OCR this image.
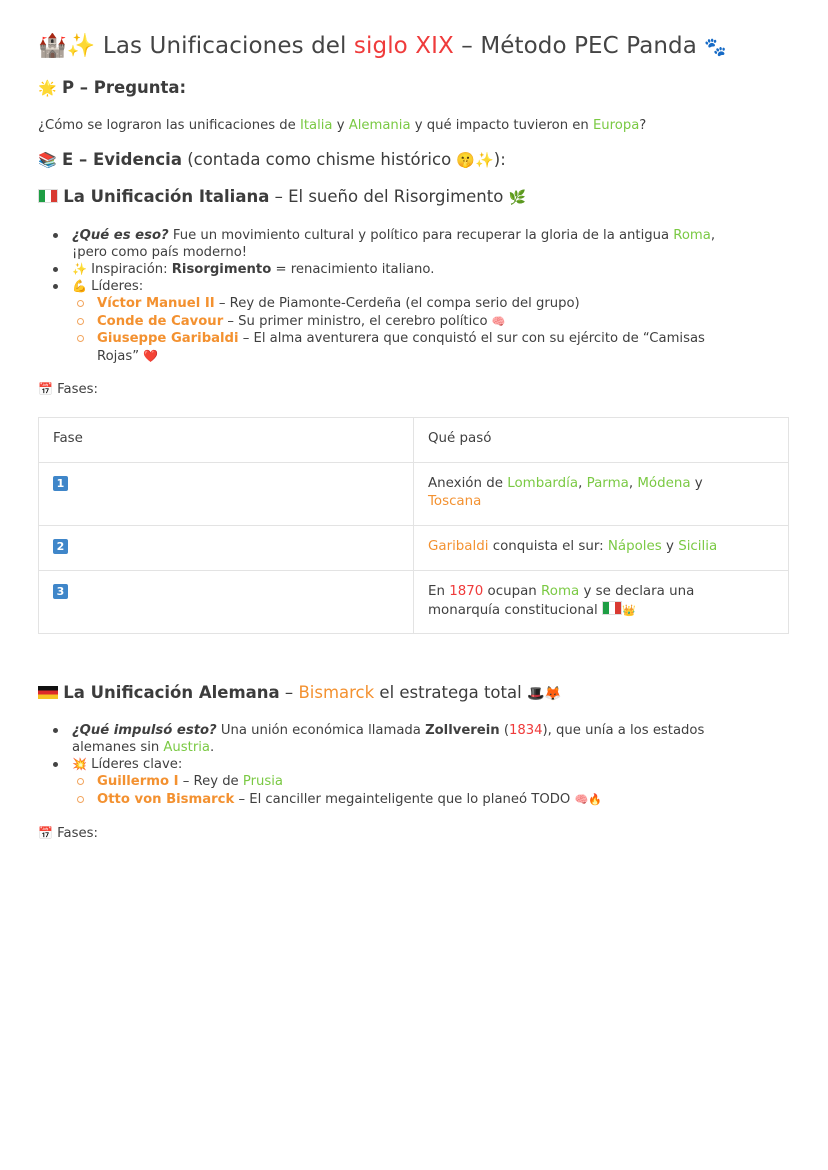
🏰✨ Las Unificaciones del siglo XIX – Método PEC Panda 🐾
🌟 P – Pregunta:
¿Cómo se lograron las unificaciones de Italia y Alemania y qué impacto tuvieron en Europa?
📚 E – Evidencia (contada como chisme histórico 🤫✨):
La Unificación Italiana – El sueño del Risorgimento 🌿
¿Qué es eso? Fue un movimiento cultural y político para recuperar la gloria de la antigua Roma,
¡pero como país moderno!
✨ Inspiración: Risorgimento = renacimiento italiano.
💪 Líderes:
Víctor Manuel II – Rey de Piamonte-Cerdeña (el compa serio del grupo)
Conde de Cavour – Su primer ministro, el cerebro político 🧠
Giuseppe Garibaldi – El alma aventurera que conquistó el sur con su ejército de “Camisas
Rojas” ❤️
📅 Fases:
Fase	Qué pasó
1	Anexión de Lombardía, Parma, Módena y
Toscana
2	Garibaldi conquista el sur: Nápoles y Sicilia
3	En 1870 ocupan Roma y se declara una
monarquía constitucional 👑
La Unificación Alemana – Bismarck el estratega total 🎩🦊
¿Qué impulsó esto? Una unión económica llamada Zollverein (1834), que unía a los estados
alemanes sin Austria.
💥 Líderes clave:
Guillermo I – Rey de Prusia
Otto von Bismarck – El canciller megainteligente que lo planeó TODO 🧠🔥
📅 Fases:
